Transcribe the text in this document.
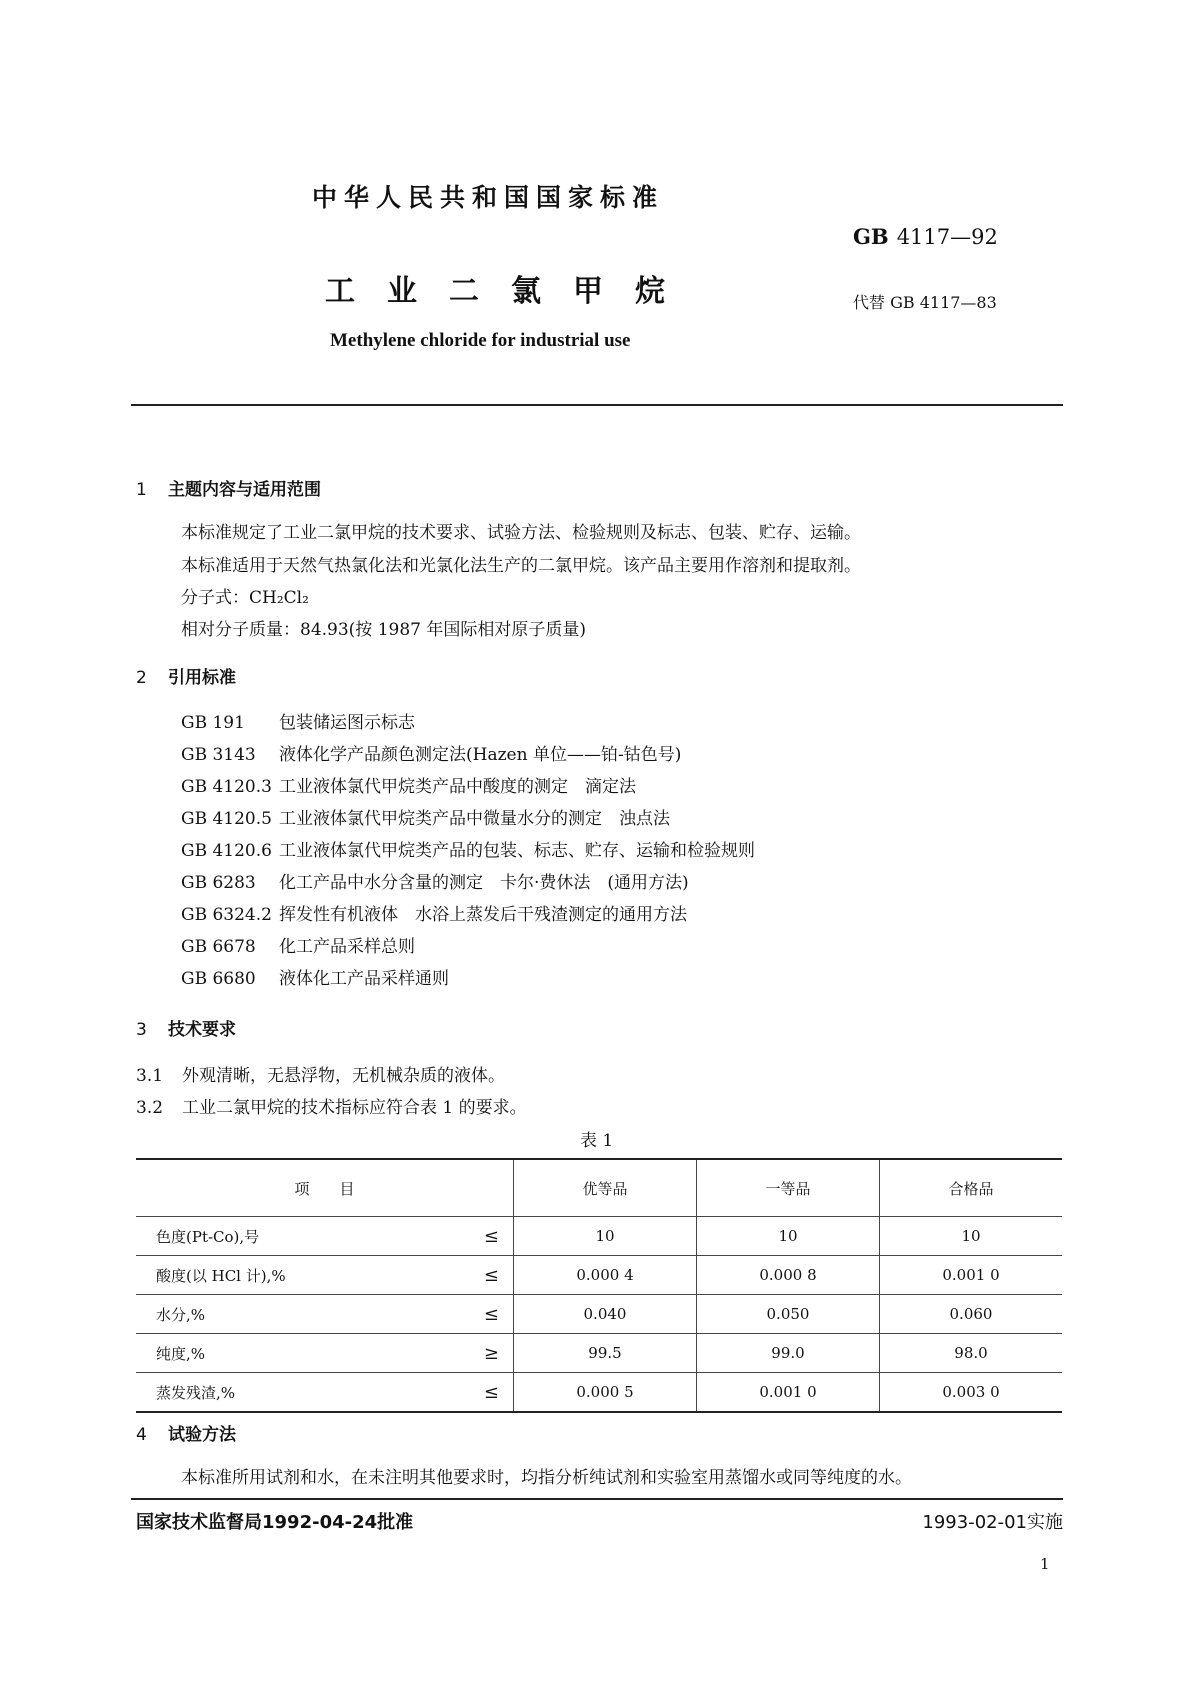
中华人民共和国国家标准
GB 4117—92
工业二氯甲烷	代替 GB 4117—83
Methylene chloride for industrial use
1 主题内容与适用范围
本标准规定了工业二氯甲烷的技术要求、试验方法、检验规则及标志、包装、贮存、运输。
本标准适用于天然气热氯化法和光氯化法生产的二氯甲烷。该产品主要用作溶剂和提取剂。
分子式：CH₂Cl₂
相对分子质量：84.93(按 1987 年国际相对原子质量)
2 引用标准
GB 191 包装储运图示标志
GB 3143 液体化学产品颜色测定法(Hazen 单位——铂-钴色号)
GB 4120.3 工业液体氯代甲烷类产品中酸度的测定　滴定法
GB 4120.5 工业液体氯代甲烷类产品中微量水分的测定　浊点法
GB 4120.6 工业液体氯代甲烷类产品的包装、标志、贮存、运输和检验规则
GB 6283 化工产品中水分含量的测定　卡尔·费休法　(通用方法)
GB 6324.2 挥发性有机液体　水浴上蒸发后干残渣测定的通用方法
GB 6678 化工产品采样总则
GB 6680 液体化工产品采样通则
3 技术要求
3.1 外观清晰，无悬浮物，无机械杂质的液体。
3.2 工业二氯甲烷的技术指标应符合表 1 的要求。
表 1
项　　目		优等品	一等品	合格品
色度(Pt-Co),号	≤	10	10	10
酸度(以 HCl 计),%	≤	0.000 4	0.000 8	0.001 0
水分,%	≤	0.040	0.050	0.060
纯度,%	≥	99.5	99.0	98.0
蒸发残渣,%	≤	0.000 5	0.001 0	0.003 0
4 试验方法
本标准所用试剂和水，在未注明其他要求时，均指分析纯试剂和实验室用蒸馏水或同等纯度的水。
国家技术监督局1992-04-24批准	1993-02-01实施
1
